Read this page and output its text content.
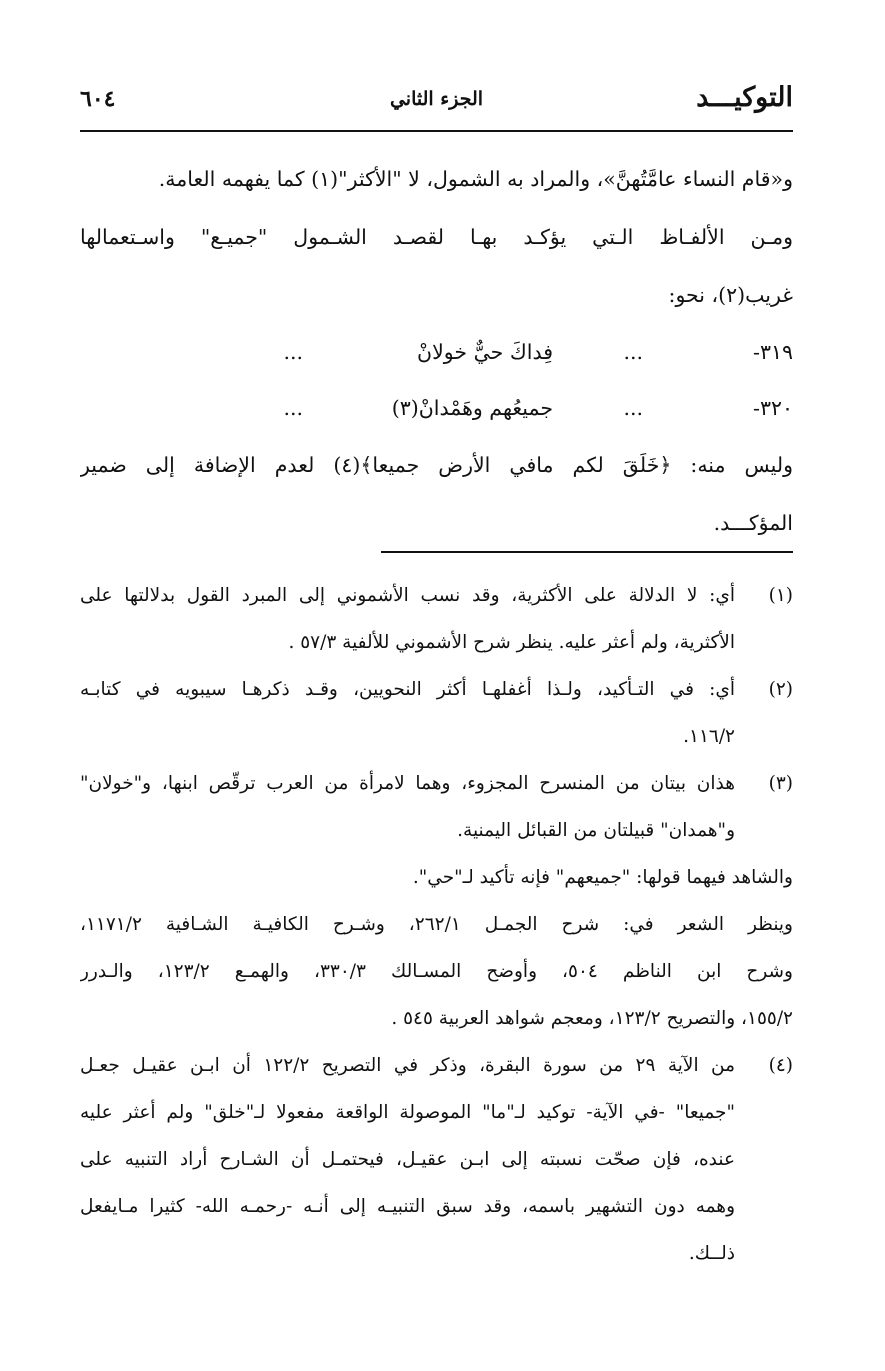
التوكيـــد
الجزء الثاني
٦٠٤
و«قام النساء عامَّتُهنَّ»، والمراد به الشمول، لا "الأكثر"(١) كما يفهمه العامة.
ومـن الألفـاظ الـتي يؤكـد بهـا لقصـد الشـمول "جميـع" واسـتعمالها
غريب(٢)، نحو:
٣١٩-
...
فِداكَ حيٌّ خولانْ
...
٣٢٠-
...
جميعُهم وهَمْدانْ(٣)
...
وليس منه: ﴿خَلَقَ لكم مافي الأرض جميعا﴾(٤) لعدم الإضافة إلى ضمير
المؤكـــد.
(١)
أي: لا الدلالة على الأكثرية، وقد نسب الأشموني إلى المبرد القول بدلالتها على
الأكثرية، ولم أعثر عليه. ينظر شرح الأشموني للألفية ٥٧/٣ .
(٢)
أي: في التـأكيد، ولـذا أغفلهـا أكثر النحويين، وقـد ذكرهـا سيبويه في كتابـه
١١٦/٢.
(٣)
هذان بيتان من المنسرح المجزوء، وهما لامرأة من العرب ترقّص ابنها، و"خولان"
و"همدان" قبيلتان من القبائل اليمنية.
والشاهد فيهما قولها: "جميعهم" فإنه تأكيد لـ"حي".
وينظر الشعر في: شرح الجمـل ٢٦٢/١، وشـرح الكافيـة الشـافية ١١٧١/٢،
وشرح ابن الناظم ٥٠٤، وأوضح المسـالك ٣٣٠/٣، والهمـع ١٢٣/٢، والـدرر
١٥٥/٢، والتصريح ١٢٣/٢، ومعجم شواهد العربية ٥٤٥ .
(٤)
من الآية ٢٩ من سورة البقرة، وذكر في التصريح ١٢٢/٢ أن ابـن عقيـل جعـل
"جميعا" -في الآية- توكيد لـ"ما" الموصولة الواقعة مفعولا لـ"خلق" ولم أعثر عليه
عنده، فإن صحّت نسبته إلى ابـن عقيـل، فيحتمـل أن الشـارح أراد التنبيه على
وهمه دون التشهير باسمه، وقد سبق التنبيـه إلى أنـه -رحمـه الله- كثيرا مـايفعل
ذلــك.
